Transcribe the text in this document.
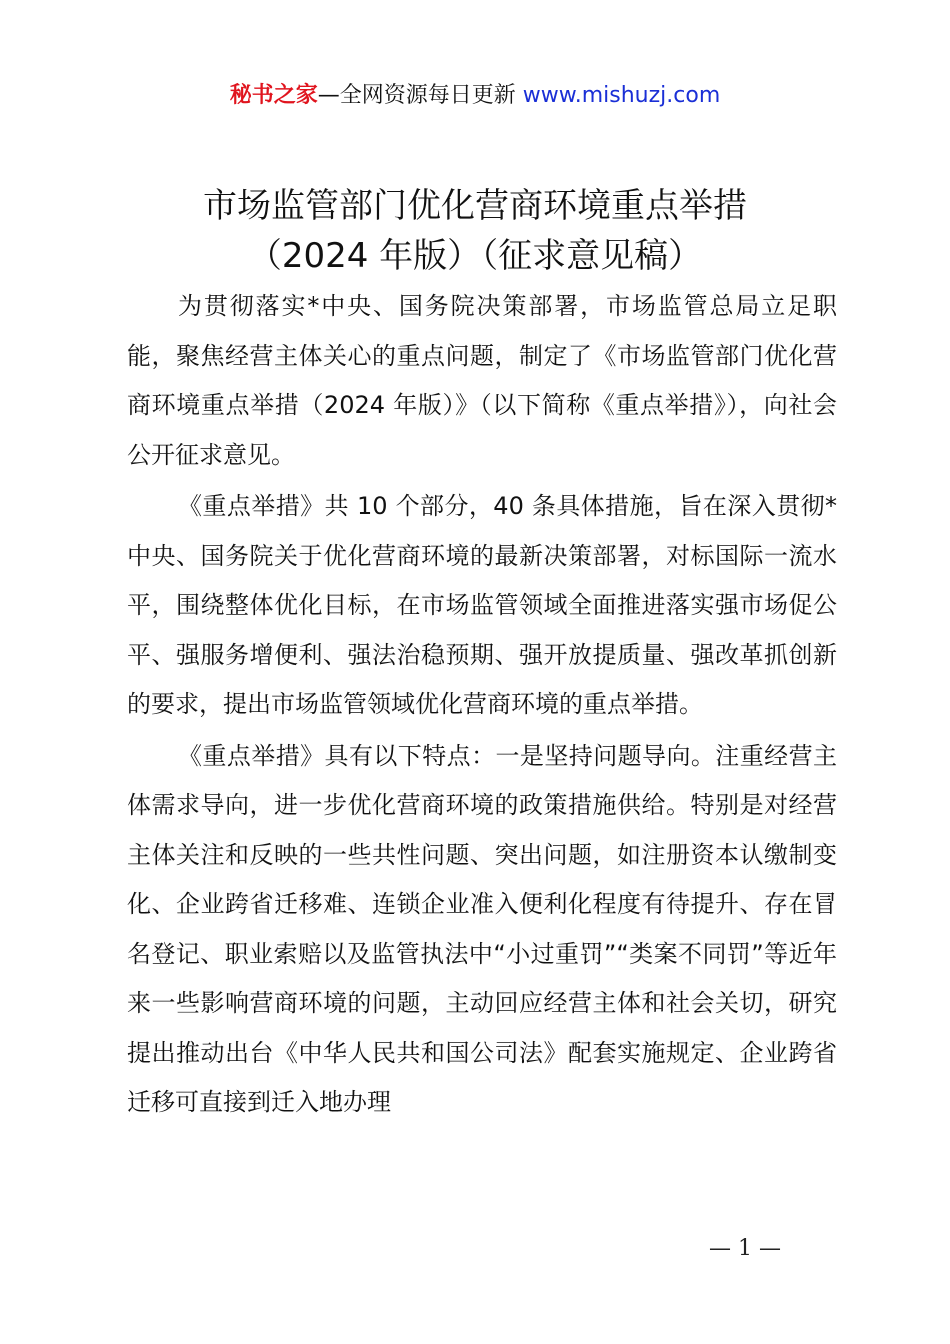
秘书之家—全网资源每日更新 www.mishuzj.com
市场监管部门优化营商环境重点举措
（2024 年版）（征求意见稿）

为贯彻落实*中央、国务院决策部署，市场监管总局立足职能，聚焦经营主体关心的重点问题，制定了《市场监管部门优化营商环境重点举措（2024 年版）》（以下简称《重点举措》），向社会公开征求意见。

《重点举措》共 10 个部分，40 条具体措施，旨在深入贯彻*中央、国务院关于优化营商环境的最新决策部署，对标国际一流水平，围绕整体优化目标，在市场监管领域全面推进落实强市场促公平、强服务增便利、强法治稳预期、强开放提质量、强改革抓创新的要求，提出市场监管领域优化营商环境的重点举措。

《重点举措》具有以下特点：一是坚持问题导向。注重经营主体需求导向，进一步优化营商环境的政策措施供给。特别是对经营主体关注和反映的一些共性问题、突出问题，如注册资本认缴制变化、企业跨省迁移难、连锁企业准入便利化程度有待提升、存在冒名登记、职业索赔以及监管执法中“小过重罚”“类案不同罚”等近年来一些影响营商环境的问题，主动回应经营主体和社会关切，研究提出推动出台《中华人民共和国公司法》配套实施规定、企业跨省迁移可直接到迁入地办理

— 1 —
